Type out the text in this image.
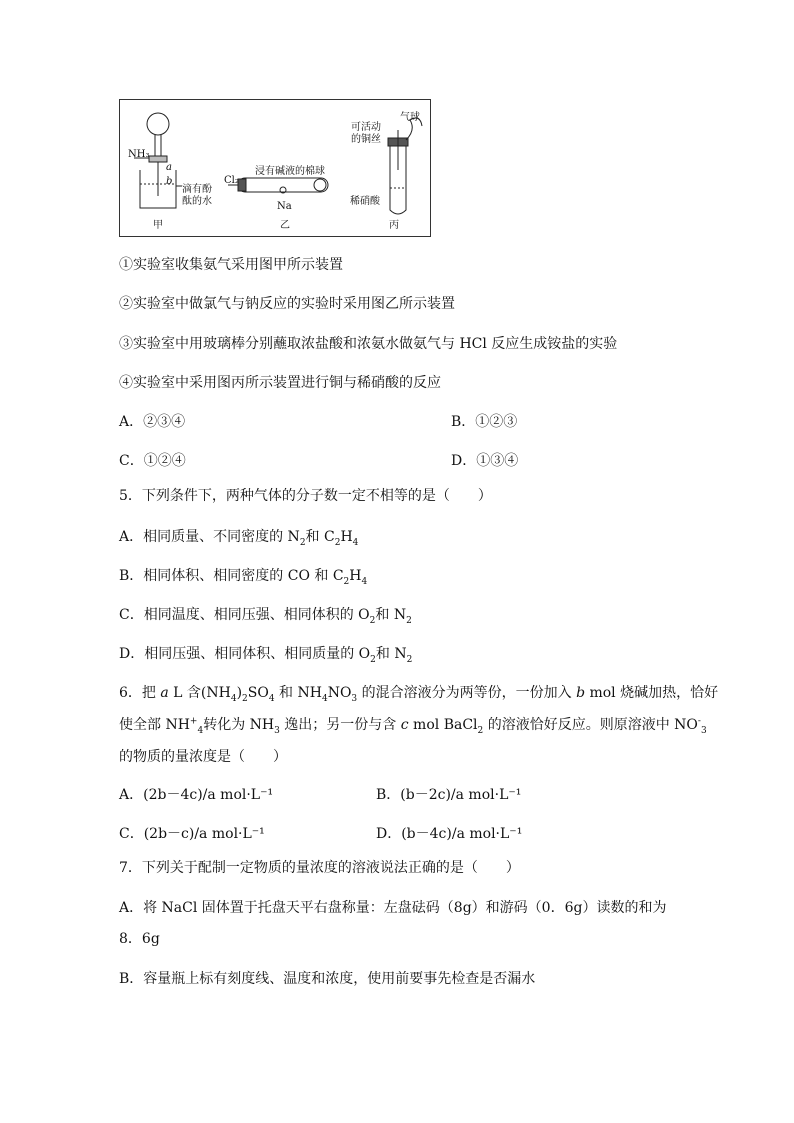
NH₃
a
b
滴有酚
酞的水
甲
Cl₂
浸有碱液的棉球
Na
乙
可活动
的铜丝
气球
稀硝酸
丙
①实验室收集氨气采用图甲所示装置
②实验室中做氯气与钠反应的实验时采用图乙所示装置
③实验室中用玻璃棒分别蘸取浓盐酸和浓氨水做氨气与 HCl 反应生成铵盐的实验
④实验室中采用图丙所示装置进行铜与稀硝酸的反应
A．②③④	B．①②③
C．①②④	D．①③④
5．下列条件下，两种气体的分子数一定不相等的是（　　）
A．相同质量、不同密度的 $N_2$和 $C_2H_4$
B．相同体积、相同密度的 CO 和 $C_2H_4$
C．相同温度、相同压强、相同体积的 $O_2$和 $N_2$
D．相同压强、相同体积、相同质量的 $O_2$和 $N_2$
6．把 a L 含$(NH_4)_2SO_4$ 和 $NH_4NO_3$ 的混合溶液分为两等份，一份加入 b mol 烧碱加热，恰好
使全部 $NH^+_4$转化为 $NH_3$ 逸出；另一份与含 c mol BaCl$_2$ 的溶液恰好反应。则原溶液中 $NO^-_3$
的物质的量浓度是（　　）
A．(2b－4c)/a mol·L⁻¹	B．(b－2c)/a mol·L⁻¹
C．(2b－c)/a mol·L⁻¹	D．(b－4c)/a mol·L⁻¹
7．下列关于配制一定物质的量浓度的溶液说法正确的是（　　）
A．将 NaCl 固体置于托盘天平右盘称量：左盘砝码（8g）和游码（0．6g）读数的和为
8．6g
B．容量瓶上标有刻度线、温度和浓度，使用前要事先检查是否漏水
